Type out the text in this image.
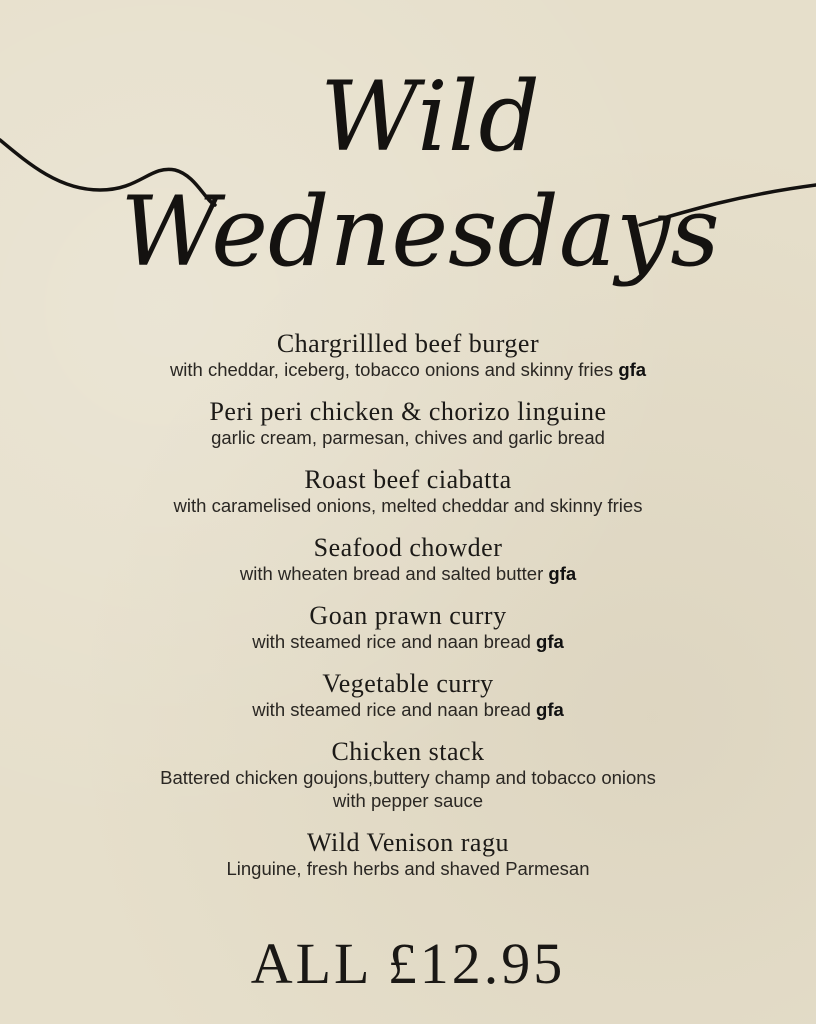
Wild
Wednesdays
Chargrillled beef burger
with cheddar, iceberg, tobacco onions and skinny fries gfa
Peri peri chicken & chorizo linguine
garlic cream, parmesan, chives and garlic bread
Roast beef ciabatta
with caramelised onions, melted cheddar and skinny fries
Seafood chowder
with wheaten bread and salted butter gfa
Goan prawn curry
with steamed rice and naan bread gfa
Vegetable curry
with steamed rice and naan bread gfa
Chicken stack
Battered chicken goujons,buttery champ and tobacco onions
with pepper sauce
Wild Venison ragu
Linguine, fresh herbs and shaved Parmesan
ALL £12.95
